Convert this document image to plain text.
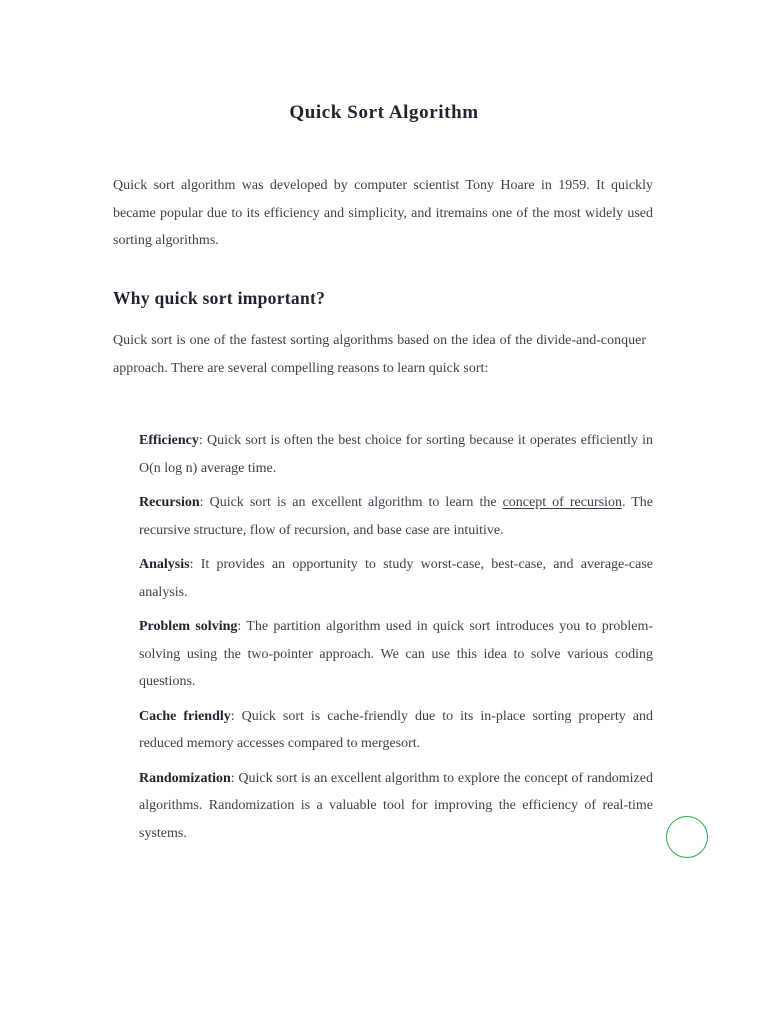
Quick Sort Algorithm

Quick sort algorithm was developed by computer scientist Tony Hoare in 1959. It quickly became popular due to its efficiency and simplicity, and itremains one of the most widely used sorting algorithms.

Why quick sort important?

Quick sort is one of the fastest sorting algorithms based on the idea of the divide-and-conquer approach. There are several compelling reasons to learn quick sort:

Efficiency: Quick sort is often the best choice for sorting because it operates efficiently in O(n log n) average time.
Recursion: Quick sort is an excellent algorithm to learn the concept of recursion. The recursive structure, flow of recursion, and base case are intuitive.
Analysis: It provides an opportunity to study worst-case, best-case, and average-case analysis.
Problem solving: The partition algorithm used in quick sort introduces you to problem-solving using the two-pointer approach. We can use this idea to solve various coding questions.
Cache friendly: Quick sort is cache-friendly due to its in-place sorting property and reduced memory accesses compared to mergesort.
Randomization: Quick sort is an excellent algorithm to explore the concept of randomized algorithms. Randomization is a valuable tool for improving the efficiency of real-time systems.
